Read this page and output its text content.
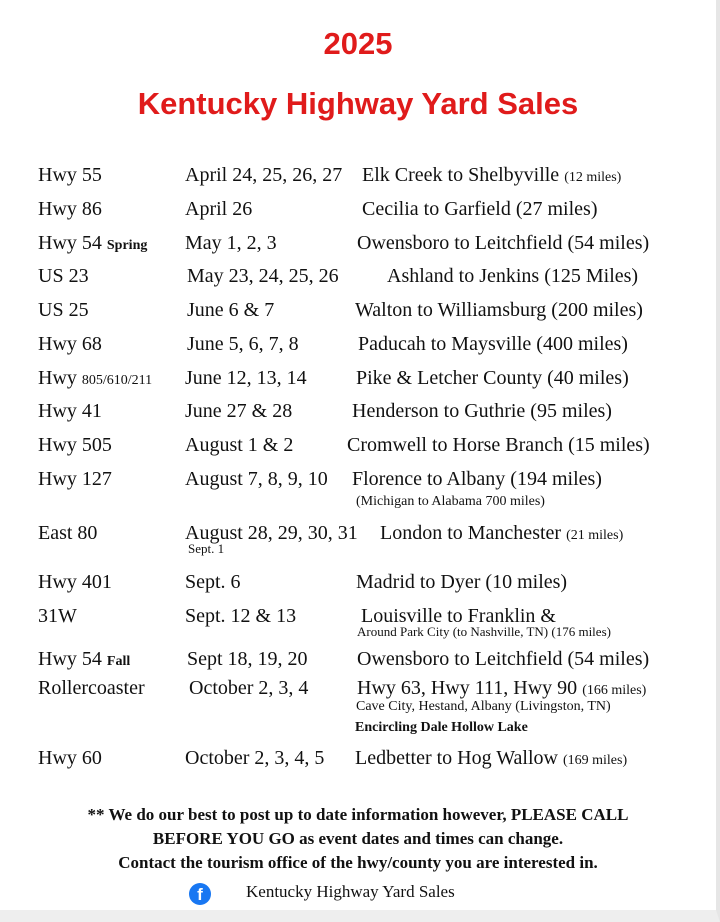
2025
Kentucky Highway Yard Sales
Hwy 55	April 24, 25, 26, 27 Elk Creek to Shelbyville (12 miles)
Hwy 86	April 26	Cecilia to Garfield (27 miles)
Hwy 54 Spring May 1, 2, 3	Owensboro to Leitchfield (54 miles)
US 23	May 23, 24, 25, 26 Ashland to Jenkins (125 Miles)
US 25	June 6 & 7	Walton to Williamsburg (200 miles)
Hwy 68	June 5, 6, 7, 8	Paducah to Maysville (400 miles)
Hwy 805/610/211 June 12, 13, 14 Pike & Letcher County (40 miles)
Hwy 41	June 27 & 28	Henderson to Guthrie (95 miles)
Hwy 505	August 1 & 2	Cromwell to Horse Branch (15 miles)
Hwy 127	August 7, 8, 9, 10 Florence to Albany (194 miles)
(Michigan to Alabama 700 miles)
East 80	August 28, 29, 30, 31 London to Manchester (21 miles)
Sept. 1
Hwy 401	Sept. 6	Madrid to Dyer (10 miles)
31W	Sept. 12 & 13	Louisville to Franklin &
Around Park City (to Nashville, TN) (176 miles)
Hwy 54 Fall	Sept 18, 19, 20 Owensboro to Leitchfield (54 miles)
Rollercoaster October 2, 3, 4 Hwy 63, Hwy 111, Hwy 90 (166 miles)
Cave City, Hestand, Albany (Livingston, TN)
Encircling Dale Hollow Lake
Hwy 60	October 2, 3, 4, 5 Ledbetter to Hog Wallow (169 miles)
** We do our best to post up to date information however, PLEASE CALL
BEFORE YOU GO as event dates and times can change.
Contact the tourism office of the hwy/county you are interested in.
f	Kentucky Highway Yard Sales
